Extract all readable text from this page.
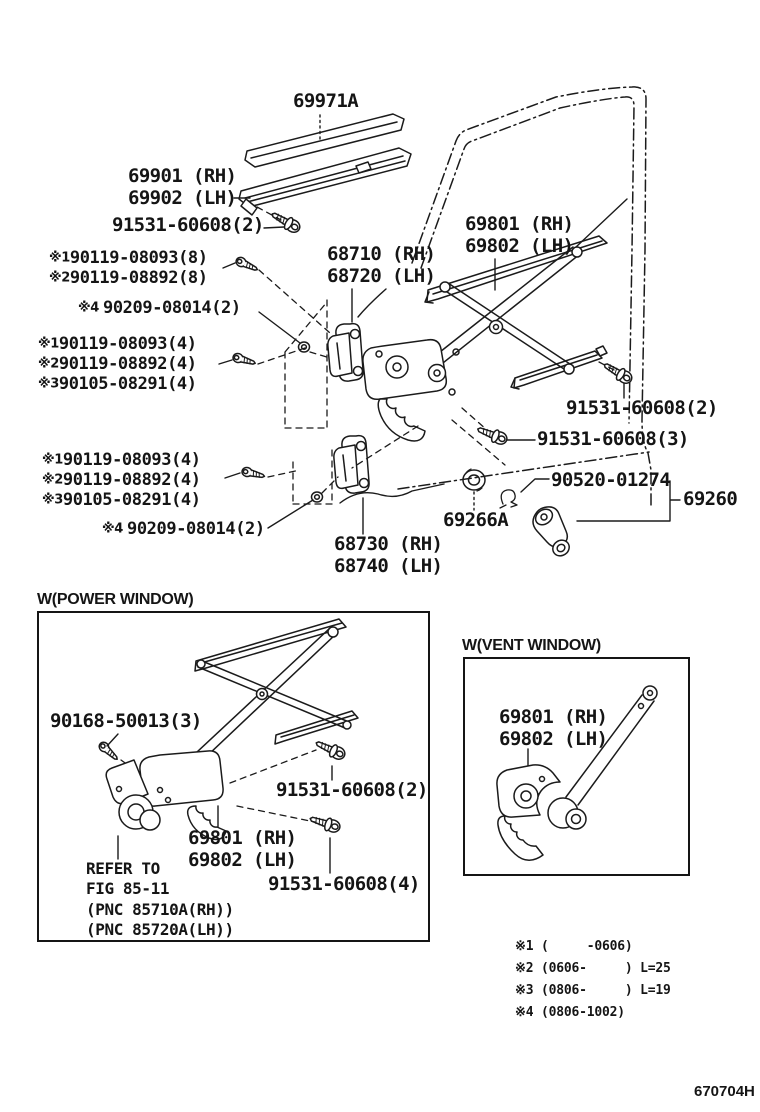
69971A
69901 (RH)
69902 (LH)
91531-60608(2)
※190119-08093(8)
※290119-08892(8)
68710 (RH)
68720 (LH)
※4 90209-08014(2)
※190119-08093(4)
※290119-08892(4)
※390105-08291(4)
69801 (RH)
69802 (LH)
91531-60608(2)
91531-60608(3)
※190119-08093(4)
※290119-08892(4)
※390105-08291(4)
※4 90209-08014(2)	69266A
90520-01274
69260
68730 (RH)
68740 (LH)
W(POWER WINDOW)
90168-50013(3)
91531-60608(2)
69801 (RH)
69802 (LH)
91531-60608(4)
REFER TO
FIG 85-11
(PNC 85710A(RH))
(PNC 85720A(LH))
W(VENT WINDOW)
69801 (RH)
69802 (LH)
※1 (     -0606)
※2 (0606-     ) L=25
※3 (0806-     ) L=19
※4 (0806-1002)
670704H
